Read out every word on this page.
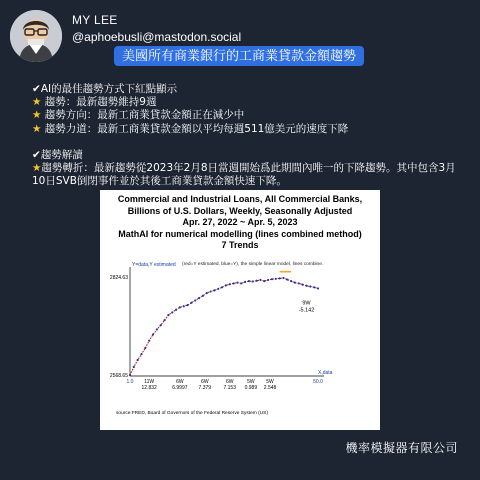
MY LEE
@aphoebusli@mastodon.social
美國所有商業銀行的工商業貸款金額趨勢

✔AI的最佳趨勢方式下紅點顯示

★ 趨勢：最新趨勢維持9週

★ 趨勢方向：最新工商業貸款金額正在減少中

★ 趨勢力道：最新工商業貸款金額以平均每週511億美元的速度下降

✔趨勢解讀

★趨勢轉折：最新趨勢從2023年2月8日當週開始爲此期間內唯一的下降趨勢。其中包含3月10日SVB倒閉事件並於其後工商業貸款金額快速下降。

Commercial and Industrial Loans, All Commercial Banks,
Billions of U.S. Dollars, Weekly, Seasonally Adjusted
Apr. 27, 2022 ~ Apr. 5, 2023
MathAI for numerical modelling (lines combined method)
7 Trends
Y=data,Y estimated (red=Y estimated, blue=Y), the simple linear model, lines combine.
2824.63
2568.65
1.0	50.0
X,data
11W
12.832
6W
6.9997
6W
7.379
6W
7.153
5W
0.989
5W
2.548
9W
-5.142
source:FRED, Board of Governors of the Federal Reserve System (US)
機率模擬器有限公司
